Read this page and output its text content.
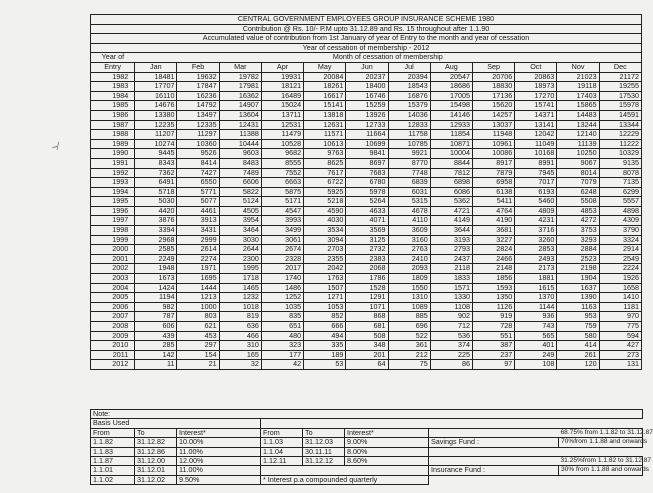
~⁄
CENTRAL GOVERNMENT EMPLOYEES GROUP INSURANCE SCHEME 1980												
Contribution @ Rs. 10/- P.M upto 31.12.89 and Rs. 15 throughout after 1.1.90												
Accumulated value of contribution from 1st January of year of Entry to the month and year of cessation												
Year of cessation of membership - 2012												
Year of	Month of cessation of membership											
Entry	Jan	Feb	Mar	Apr	May	Jun	Jul	Aug	Sep	Oct	Nov	Dec
1982	18481	19632	19782	19931	20084	20237	20394	20547	20706	20863	21023	21172
1983	17707	17847	17981	18121	18261	18400	18543	18686	18830	18973	19118	19255
1984	16110	16236	16362	16489	16617	16746	16876	17005	17136	17270	17403	17530
1985	14676	14792	14907	15024	15141	15259	15379	15498	15620	15741	15865	15978
1986	13380	13497	13604	13711	13818	13926	14036	14146	14257	14371	14483	14591
1987	12235	12335	12431	12531	12631	12733	12833	12933	13037	13141	13244	13344
1988	11207	11297	11388	11479	11571	11664	11758	11854	11948	12042	12140	12229
1989	10274	10360	10444	10528	10613	10699	10785	10871	10961	11049	11139	11222
1990	9445	9526	9603	9682	9763	9841	9921	10004	10086	10168	10250	10329
1991	8343	8414	8483	8555	8625	8697	8770	8844	8917	8991	9067	9135
1992	7362	7427	7489	7552	7617	7683	7748	7812	7879	7945	8014	8078
1993	6491	6550	6606	6663	6722	6780	6839	6898	6958	7017	7079	7135
1994	5718	5771	5822	5875	5925	5978	6031	6086	6138	6193	6248	6299
1995	5030	5077	5124	5171	5218	5264	5315	5362	5411	5460	5508	5557
1996	4420	4461	4505	4547	4590	4633	4678	4721	4764	4809	4853	4898
1997	3876	3913	3954	3993	4030	4071	4110	4149	4190	4231	4272	4309
1998	3394	3431	3464	3499	3534	3569	3609	3644	3681	3716	3753	3790
1999	2968	2999	3030	3061	3094	3125	3160	3193	3227	3260	3293	3324
2000	2585	2614	2644	2674	2703	2732	2763	2793	2824	2853	2884	2914
2001	2249	2274	2300	2328	2355	2383	2410	2437	2466	2493	2523	2549
2002	1948	1971	1995	2017	2042	2068	2093	2118	2148	2173	2198	2224
2003	1673	1695	1718	1740	1763	1786	1809	1833	1856	1881	1904	1926
2004	1424	1444	1465	1486	1507	1528	1550	1571	1593	1615	1637	1658
2005	1194	1213	1232	1252	1271	1291	1310	1330	1350	1370	1390	1410
2006	982	1000	1018	1035	1053	1071	1089	1108	1126	1144	1163	1181
2007	787	803	819	835	852	868	885	902	919	936	953	970
2008	606	621	636	651	666	681	696	712	728	743	759	775
2009	439	453	466	480	494	508	522	536	551	565	580	594
2010	285	297	310	323	335	348	361	374	387	401	414	427
2011	142	154	165	177	189	201	212	225	237	249	261	273
2012	11	21	32	42	53	64	75	86	97	108	120	131
Note:							
Basis Used							
From	To	Interest*	From	To	Interest*		68.75% from 1.1.82 to 31.12.87
1.1.82	31.12.82	10.00%	1.1.03	31.12.03	9.00%	Savings Fund :	70%from 1.1.88 and onwards
1.1.83	31.12.86	11.00%	1.1.04	30.11.11	8.00%		
1.1.87	31.12.00	12.00%	1.12.11	31.12.12	8.60%		31.25%from 1.1.82 to 31.12.87
1.1.01	31.12.01	11.00%				Insurance Fund :	30% from 1.1.88 and onwards
1.1.02	31.12.02	9.50%	* Interest p.a compounded quarterly				
